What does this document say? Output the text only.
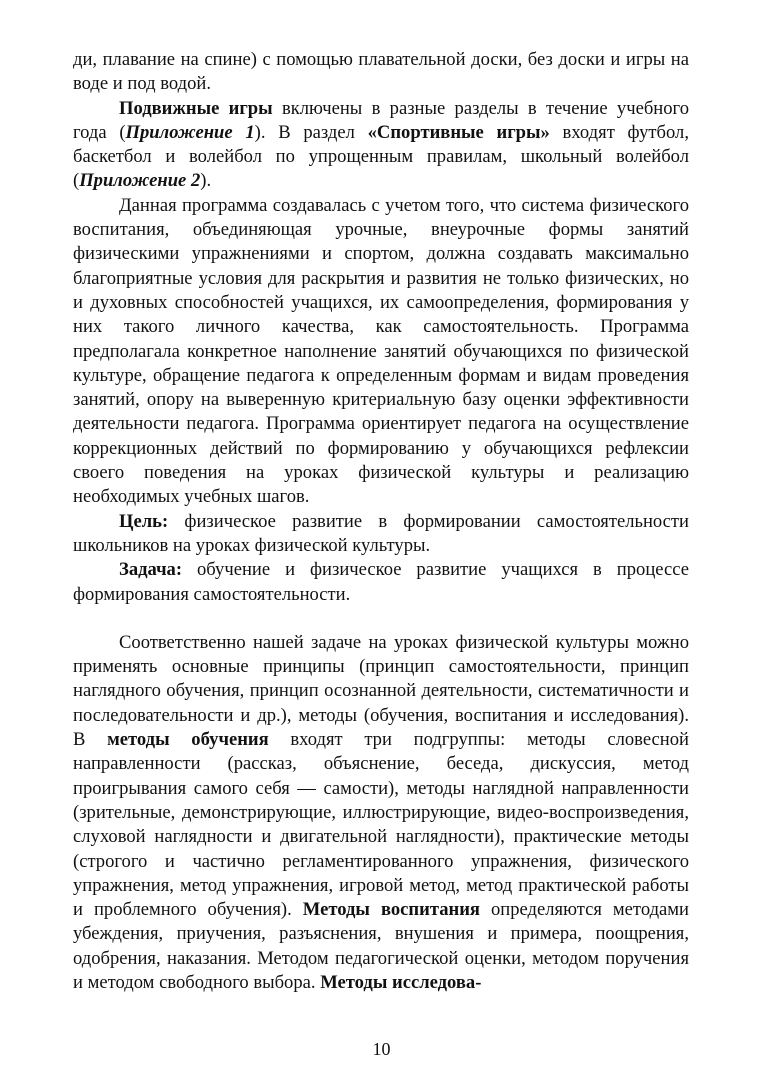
ди, плавание на спине) с помощью плавательной доски, без доски и игры на воде и под водой.

Подвижные игры включены в разные разделы в течение учебного года (Приложение 1). В раздел «Спортивные игры» входят футбол, баскетбол и волейбол по упрощенным правилам, школьный волейбол (Приложение 2).

Данная программа создавалась с учетом того, что система физического воспитания, объединяющая урочные, внеурочные формы занятий физическими упражнениями и спортом, должна создавать максимально благоприятные условия для раскрытия и развития не только физических, но и духовных способностей учащихся, их самоопределения, формирования у них такого личного качества, как самостоятельность. Программа предполагала конкретное наполнение занятий обучающихся по физической культуре, обращение педагога к определенным формам и видам проведения занятий, опору на выверенную критериальную базу оценки эффективности деятельности педагога. Программа ориентирует педагога на осуществление коррекционных действий по формированию у обучающихся рефлексии своего поведения на уроках физической культуры и реализацию необходимых учебных шагов.

Цель: физическое развитие в формировании самостоятельности школьников на уроках физической культуры.

Задача: обучение и физическое развитие учащихся в процессе формирования самостоятельности.

Соответственно нашей задаче на уроках физической культуры можно применять основные принципы (принцип самостоятельности, принцип наглядного обучения, принцип осознанной деятельности, систематичности и последовательности и др.), методы (обучения, воспитания и исследования). В методы обучения входят три подгруппы: методы словесной направленности (рассказ, объяснение, беседа, дискуссия, метод проигрывания самого себя — самости), методы наглядной направленности (зрительные, демонстрирующие, иллюстрирующие, видео-воспроизведения, слуховой наглядности и двигательной наглядности), практические методы (строгого и частично регламентированного упражнения, физического упражнения, метод упражнения, игровой метод, метод практической работы и проблемного обучения). Методы воспитания определяются методами убеждения, приучения, разъяснения, внушения и примера, поощрения, одобрения, наказания. Методом педагогической оценки, методом поручения и методом свободного выбора. Методы исследова-

10
